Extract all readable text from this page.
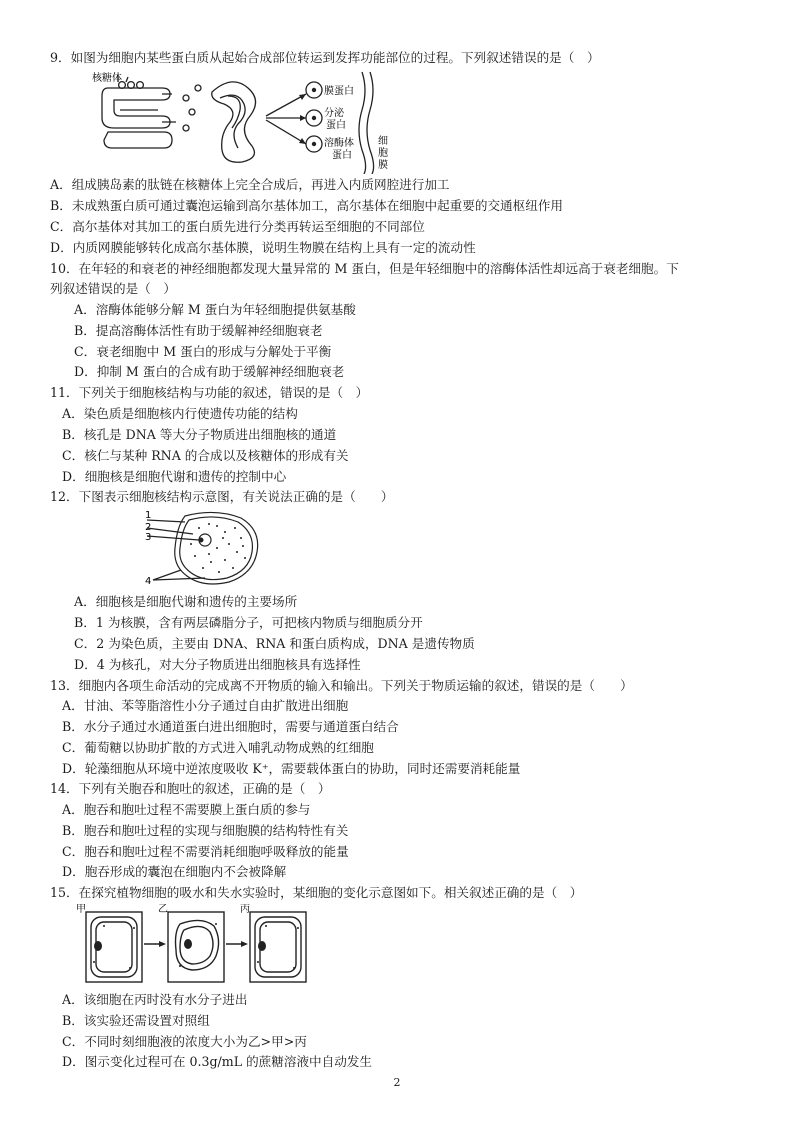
9．如图为细胞内某些蛋白质从起始合成部位转运到发挥功能部位的过程。下列叙述错误的是（　）
核糖体
膜蛋白
分泌
蛋白
溶酶体
蛋白
细
胞
膜
A．组成胰岛素的肽链在核糖体上完全合成后，再进入内质网腔进行加工
B．未成熟蛋白质可通过囊泡运输到高尔基体加工，高尔基体在细胞中起重要的交通枢纽作用
C．高尔基体对其加工的蛋白质先进行分类再转运至细胞的不同部位
D．内质网膜能够转化成高尔基体膜，说明生物膜在结构上具有一定的流动性
10．在年轻的和衰老的神经细胞都发现大量异常的 M 蛋白，但是年轻细胞中的溶酶体活性却远高于衰老细胞。下
列叙述错误的是（　）
A．溶酶体能够分解 M 蛋白为年轻细胞提供氨基酸
B．提高溶酶体活性有助于缓解神经细胞衰老
C．衰老细胞中 M 蛋白的形成与分解处于平衡
D．抑制 M 蛋白的合成有助于缓解神经细胞衰老
11．下列关于细胞核结构与功能的叙述，错误的是（　）
A．染色质是细胞核内行使遗传功能的结构
B．核孔是 DNA 等大分子物质进出细胞核的通道
C．核仁与某种 RNA 的合成以及核糖体的形成有关
D．细胞核是细胞代谢和遗传的控制中心
12．下图表示细胞核结构示意图，有关说法正确的是（　　）
1
2
3
4
A．细胞核是细胞代谢和遗传的主要场所
B．1 为核膜，含有两层磷脂分子，可把核内物质与细胞质分开
C．2 为染色质，主要由 DNA、RNA 和蛋白质构成，DNA 是遗传物质
D．4 为核孔，对大分子物质进出细胞核具有选择性
13．细胞内各项生命活动的完成离不开物质的输入和输出。下列关于物质运输的叙述，错误的是（　　）
A．甘油、苯等脂溶性小分子通过自由扩散进出细胞
B．水分子通过水通道蛋白进出细胞时，需要与通道蛋白结合
C．葡萄糖以协助扩散的方式进入哺乳动物成熟的红细胞
D．轮藻细胞从环境中逆浓度吸收 K⁺，需要载体蛋白的协助，同时还需要消耗能量
14．下列有关胞吞和胞吐的叙述，正确的是（　）
A．胞吞和胞吐过程不需要膜上蛋白质的参与
B．胞吞和胞吐过程的实现与细胞膜的结构特性有关
C．胞吞和胞吐过程不需要消耗细胞呼吸释放的能量
D．胞吞形成的囊泡在细胞内不会被降解
15．在探究植物细胞的吸水和失水实验时，某细胞的变化示意图如下。相关叙述正确的是（　）
甲	乙	丙
A．该细胞在丙时没有水分子进出
B．该实验还需设置对照组
C．不同时刻细胞液的浓度大小为乙>甲>丙
D．图示变化过程可在 0.3g/mL 的蔗糖溶液中自动发生
2
